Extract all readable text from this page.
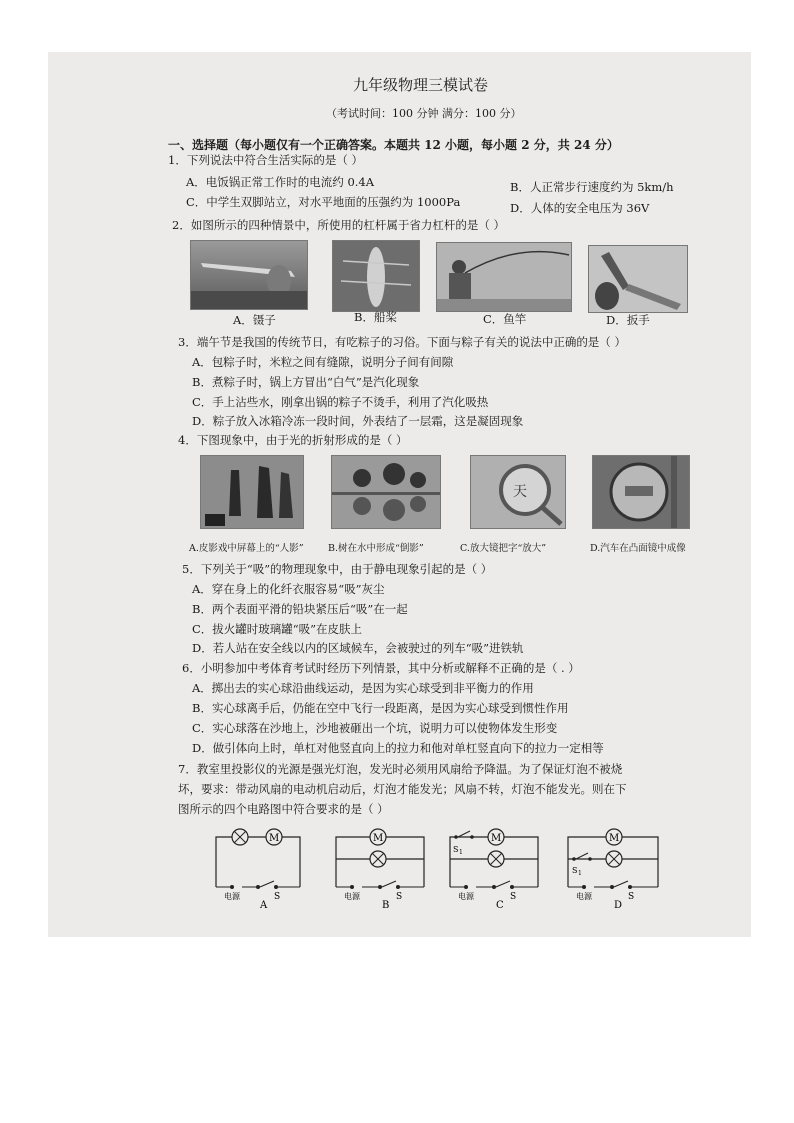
九年级物理三模试卷
（考试时间：100 分钟 满分：100 分）
一、选择题（每小题仅有一个正确答案。本题共 12 小题，每小题 2 分，共 24 分）
1．下列说法中符合生活实际的是（ ）
A．电饭锅正常工作时的电流约 0.4A	B．人正常步行速度约为 5km/h
C．中学生双脚站立，对水平地面的压强约为 1000Pa	D．人体的安全电压为 36V
2．如图所示的四种情景中，所使用的杠杆属于省力杠杆的是（ ）
A．镊子	B．船桨	C．鱼竿	D．扳手
3．端午节是我国的传统节日，有吃粽子的习俗。下面与粽子有关的说法中正确的是（ ）
A．包粽子时，米粒之间有缝隙，说明分子间有间隙
B．煮粽子时，锅上方冒出“白气”是汽化现象
C．手上沾些水，刚拿出锅的粽子不烫手，利用了汽化吸热
D．粽子放入冰箱冷冻一段时间，外表结了一层霜，这是凝固现象
4．下图现象中，由于光的折射形成的是（ ）
天
A.皮影戏中屏幕上的“人影”	B.树在水中形成“倒影”	C.放大镜把字“放大”	D.汽车在凸面镜中成像
5．下列关于“吸”的物理现象中，由于静电现象引起的是（ ）
A．穿在身上的化纤衣服容易“吸”灰尘
B．两个表面平滑的铅块紧压后“吸”在一起
C．拔火罐时玻璃罐“吸”在皮肤上
D．若人站在安全线以内的区域候车，会被驶过的列车“吸”进铁轨
6．小明参加中考体育考试时经历下列情景，其中分析或解释不正确的是（ . ）
A．掷出去的实心球沿曲线运动，是因为实心球受到非平衡力的作用
B．实心球离手后，仍能在空中飞行一段距离，是因为实心球受到惯性作用
C．实心球落在沙地上，沙地被砸出一个坑，说明力可以使物体发生形变
D．做引体向上时，单杠对他竖直向上的拉力和他对单杠竖直向下的拉力一定相等
7．教室里投影仪的光源是强光灯泡，发光时必须用风扇给予降温。为了保证灯泡不被烧
坏，要求：带动风扇的电动机启动后，灯泡才能发光；风扇不转，灯泡不能发光。则在下
图所示的四个电路图中符合要求的是（ ）
M
电源	S
A
M
电源	S
B
S 1
M
电源	S
C
M
S 1
电源	S
D
